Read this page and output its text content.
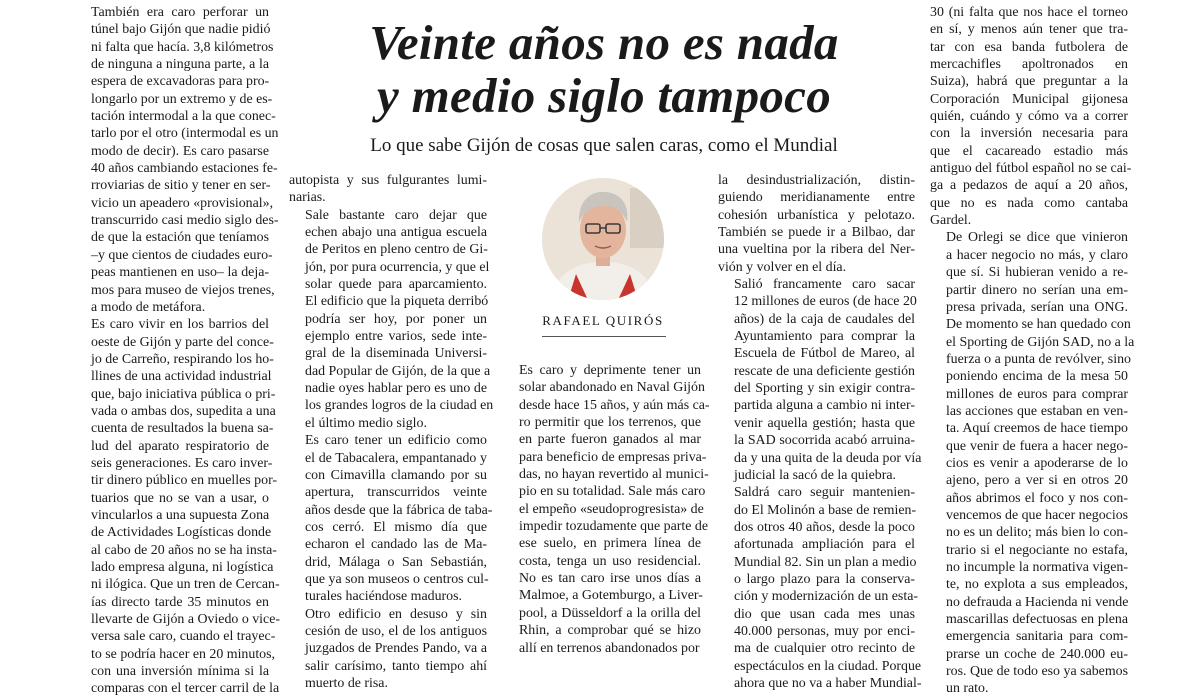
También era caro perforar un
túnel bajo Gijón que nadie pidió
ni falta que hacía. 3,8 kilómetros
de ninguna a ninguna parte, a la
espera de excavadoras para pro-
longarlo por un extremo y de es-
tación intermodal a la que conec-
tarlo por el otro (intermodal es un
modo de decir). Es caro pasarse
40 años cambiando estaciones fe-
rroviarias de sitio y tener en ser-
vicio un apeadero «provisional»,
transcurrido casi medio siglo des-
de que la estación que teníamos
–y que cientos de ciudades euro-
peas mantienen en uso– la deja-
mos para museo de viejos trenes,
a modo de metáfora.

Es caro vivir en los barrios del
oeste de Gijón y parte del conce-
jo de Carreño, respirando los ho-
llines de una actividad industrial
que, bajo iniciativa pública o pri-
vada o ambas dos, supedita a una
cuenta de resultados la buena sa-
lud del aparato respiratorio de
seis generaciones. Es caro inver-
tir dinero público en muelles por-
tuarios que no se van a usar, o
vincularlos a una supuesta Zona
de Actividades Logísticas donde
al cabo de 20 años no se ha insta-
lado empresa alguna, ni logística
ni ilógica. Que un tren de Cercan-
ías directo tarde 35 minutos en
llevarte de Gijón a Oviedo o vice-
versa sale caro, cuando el trayec-
to se podría hacer en 20 minutos,
con una inversión mínima si la
comparas con el tercer carril de la

Veinte años no es nada
y medio siglo tampoco
Lo que sabe Gijón de cosas que salen caras, como el Mundial

autopista y sus fulgurantes lumi-
narias.

Sale bastante caro dejar que
echen abajo una antigua escuela
de Peritos en pleno centro de Gi-
jón, por pura ocurrencia, y que el
solar quede para aparcamiento.
El edificio que la piqueta derribó
podría ser hoy, por poner un
ejemplo entre varios, sede inte-
gral de la diseminada Universi-
dad Popular de Gijón, de la que a
nadie oyes hablar pero es uno de
los grandes logros de la ciudad en
el último medio siglo.

Es caro tener un edificio como
el de Tabacalera, empantanado y
con Cimavilla clamando por su
apertura, transcurridos veinte
años desde que la fábrica de taba-
cos cerró. El mismo día que
echaron el candado las de Ma-
drid, Málaga o San Sebastián,
que ya son museos o centros cul-
turales haciéndose maduros.

Otro edificio en desuso y sin
cesión de uso, el de los antiguos
juzgados de Prendes Pando, va a
salir carísimo, tanto tiempo ahí
muerto de risa.

RAFAEL QUIRÓS

Es caro y deprimente tener un
solar abandonado en Naval Gijón
desde hace 15 años, y aún más ca-
ro permitir que los terrenos, que
en parte fueron ganados al mar
para beneficio de empresas priva-
das, no hayan revertido al munici-
pio en su totalidad. Sale más caro
el empeño «seudoprogresista» de
impedir tozudamente que parte de
ese suelo, en primera línea de
costa, tenga un uso residencial.
No es tan caro irse unos días a
Malmoe, a Gotemburgo, a Liver-
pool, a Düsseldorf a la orilla del
Rhin, a comprobar qué se hizo
allí en terrenos abandonados por

la desindustrialización, distin-
guiendo meridianamente entre
cohesión urbanística y pelotazo.
También se puede ir a Bilbao, dar
una vueltina por la ribera del Ner-
vión y volver en el día.

Salió francamente caro sacar
12 millones de euros (de hace 20
años) de la caja de caudales del
Ayuntamiento para comprar la
Escuela de Fútbol de Mareo, al
rescate de una deficiente gestión
del Sporting y sin exigir contra-
partida alguna a cambio ni inter-
venir aquella gestión; hasta que
la SAD socorrida acabó arruina-
da y una quita de la deuda por vía
judicial la sacó de la quiebra.

Saldrá caro seguir mantenien-
do El Molinón a base de remien-
dos otros 40 años, desde la poco
afortunada ampliación para el
Mundial 82. Sin un plan a medio
o largo plazo para la conserva-
ción y modernización de un esta-
dio que usan cada mes unas
40.000 personas, muy por enci-
ma de cualquier otro recinto de
espectáculos en la ciudad. Porque
ahora que no va a haber Mundial-

30 (ni falta que nos hace el torneo
en sí, y menos aún tener que tra-
tar con esa banda futbolera de
mercachifles apoltronados en
Suiza), habrá que preguntar a la
Corporación Municipal gijonesa
quién, cuándo y cómo va a correr
con la inversión necesaria para
que el cacareado estadio más
antiguo del fútbol español no se cai-
ga a pedazos de aquí a 20 años,
que no es nada como cantaba
Gardel.

De Orlegi se dice que vinieron
a hacer negocio no más, y claro
que sí. Si hubieran venido a re-
partir dinero no serían una em-
presa privada, serían una ONG.
De momento se han quedado con
el Sporting de Gijón SAD, no a la
fuerza o a punta de revólver, sino
poniendo encima de la mesa 50
millones de euros para comprar
las acciones que estaban en ven-
ta. Aquí creemos de hace tiempo
que venir de fuera a hacer nego-
cios es venir a apoderarse de lo
ajeno, pero a ver si en otros 20
años abrimos el foco y nos con-
vencemos de que hacer negocios
no es un delito; más bien lo con-
trario si el negociante no estafa,
no incumple la normativa vigen-
te, no explota a sus empleados,
no defrauda a Hacienda ni vende
mascarillas defectuosas en plena
emergencia sanitaria para com-
prarse un coche de 240.000 eu-
ros. Que de todo eso ya sabemos
un rato.
